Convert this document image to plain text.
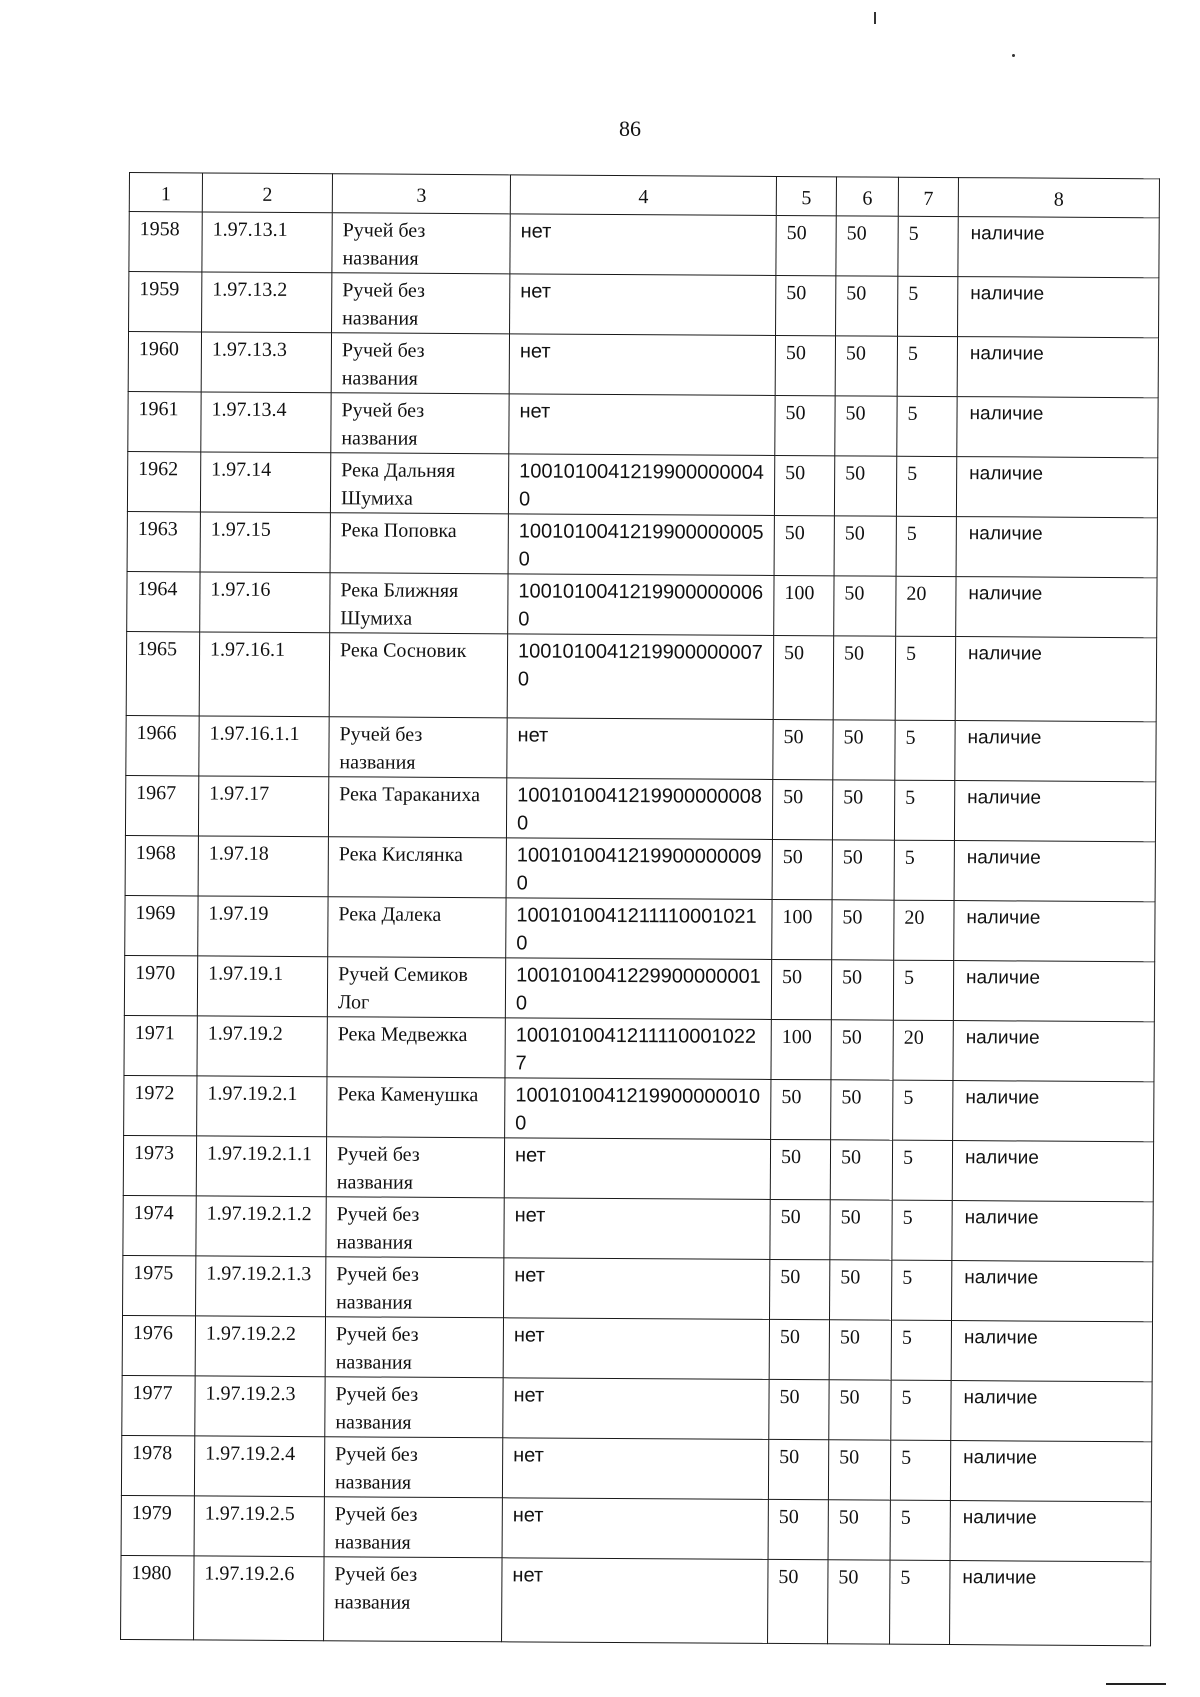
86
1	2	3	4	5	6	7	8
1958	1.97.13.1	Ручей без названия	нет	50	50	5	наличие
1959	1.97.13.2	Ручей без названия	нет	50	50	5	наличие
1960	1.97.13.3	Ручей без названия	нет	50	50	5	наличие
1961	1.97.13.4	Ручей без названия	нет	50	50	5	наличие
1962	1.97.14	Река Дальняя Шумиха	10010100412199000000040	50	50	5	наличие
1963	1.97.15	Река Поповка	10010100412199000000050	50	50	5	наличие
1964	1.97.16	Река Ближняя Шумиха	10010100412199000000060	100	50	20	наличие
1965	1.97.16.1	Река Сосновик	10010100412199000000070	50	50	5	наличие
1966	1.97.16.1.1	Ручей без названия	нет	50	50	5	наличие
1967	1.97.17	Река Тараканиха	10010100412199000000080	50	50	5	наличие
1968	1.97.18	Река Кислянка	10010100412199000000090	50	50	5	наличие
1969	1.97.19	Река Далека	10010100412111100010210	100	50	20	наличие
1970	1.97.19.1	Ручей Семиков Лог	10010100412299000000010	50	50	5	наличие
1971	1.97.19.2	Река Медвежка	10010100412111100010227	100	50	20	наличие
1972	1.97.19.2.1	Река Каменушка	10010100412199000000100	50	50	5	наличие
1973	1.97.19.2.1.1	Ручей без названия	нет	50	50	5	наличие
1974	1.97.19.2.1.2	Ручей без названия	нет	50	50	5	наличие
1975	1.97.19.2.1.3	Ручей без названия	нет	50	50	5	наличие
1976	1.97.19.2.2	Ручей без названия	нет	50	50	5	наличие
1977	1.97.19.2.3	Ручей без названия	нет	50	50	5	наличие
1978	1.97.19.2.4	Ручей без названия	нет	50	50	5	наличие
1979	1.97.19.2.5	Ручей без названия	нет	50	50	5	наличие
1980	1.97.19.2.6	Ручей без названия	нет	50	50	5	наличие
